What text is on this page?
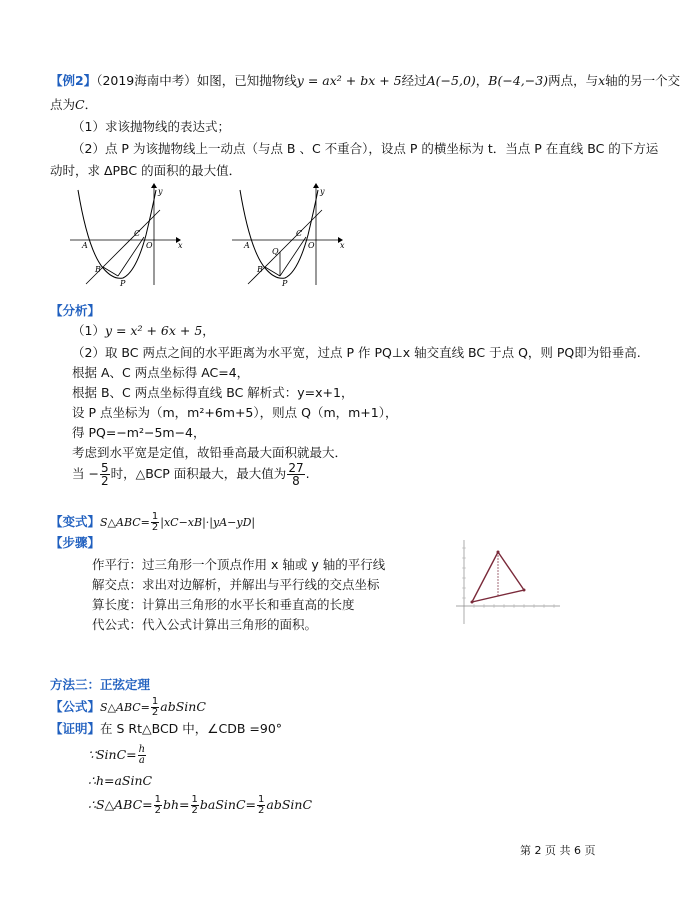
【例2】（2019海南中考）如图，已知抛物线y = ax² + bx + 5经过A(−5,0)，B(−4,−3)两点，与x轴的另一个交
点为C．
（1）求该抛物线的表达式；
（2）点 P 为该抛物线上一动点（与点 B 、C 不重合），设点 P 的横坐标为 t．当点 P 在直线 BC 的下方运
动时，求 ΔPBC 的面积的最大值．
y
x
A
C
O
B
P
y
x
A
C
O
Q
B
P
【分析】
（1）y = x² + 6x + 5，
（2）取 BC 两点之间的水平距离为水平宽，过点 P 作 PQ⊥x 轴交直线 BC 于点 Q，则 PQ即为铅垂高.
根据 A、C 两点坐标得 AC=4，
根据 B、C 两点坐标得直线 BC 解析式：y=x+1，
设 P 点坐标为（m，m²+6m+5），则点 Q（m，m+1），
得 PQ=−m²−5m−4，
考虑到水平宽是定值，故铅垂高最大面积就最大．
当 − $\frac{5}{2}$ 时，△BCP 面积最大，最大值为 $\frac{27}{8}$ .
【变式】S△ABC= $\frac{1}{2} |xC-xB|\cdot|yA-yD|$
【步骤】
作平行：过三角形一个顶点作用 x 轴或 y 轴的平行线
解交点：求出对边解析，并解出与平行线的交点坐标
算长度：计算出三角形的水平长和垂直高的长度
代公式：代入公式计算出三角形的面积。
方法三：正弦定理
【公式】S△ABC= $\frac{1}{2}$ abSinC
【证明】在 S Rt△BCD 中，∠CDB =90°
∵SinC= $\frac{h}{a}$
∴h=aSinC
∴S△ABC= $\frac{1}{2} bh= \frac{1}{2}$ baSinC= $\frac{1}{2}$ abSinC
第 2 页 共 6 页
